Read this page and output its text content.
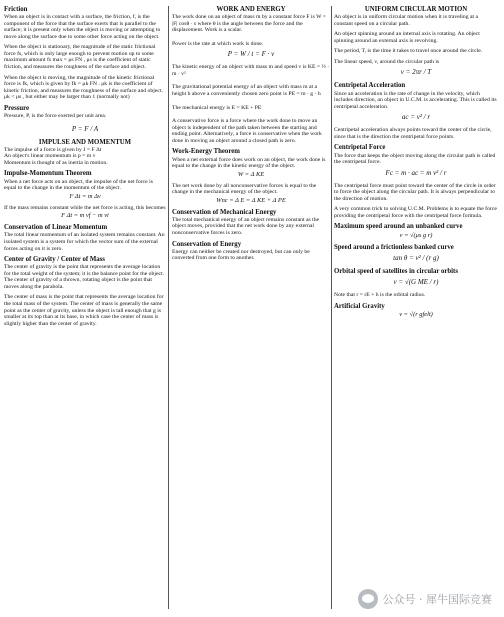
Friction

When an object is in contact with a surface, the friction, f, is the component of the force that the surface exerts that is parallel to the surface; it is present only when the object is moving or attempting to move along the surface due to some other force acting on the object.

When the object is stationary, the magnitude of the static frictional force fs, which is only large enough to prevent motion up to some maximum amount fs max = μs FN , μs is the coefficient of static friction, and measures the roughness of the surface and object.

When the object is moving, the magnitude of the kinetic frictional force is fk, which is given by fk = μk FN . μk is the coefficient of kinetic friction, and measures the roughness of the surface and object. μk < μs , but either may be larger than 1 (normally not)

Pressure

Pressure, P, is the force exerted per unit area.

P = F / A
IMPULSE AND MOMENTUM

The impulse of a force is given by J = F Δt

An object's linear momentum is p = m v

Momentum is thought of as inertia in motion.

Impulse-Momentum Theorem

When a net force acts on an object, the impulse of the net force is equal to the change in the momentum of the object.

F Δt = m Δv

If the mass remains constant while the net force is acting, this becomes

F Δt = m vf − m vi
Conservation of Linear Momentum

The total linear momentum of an isolated system remains constant. An isolated system is a system for which the vector sum of the external forces acting on it is zero.

Center of Gravity / Center of Mass

The center of gravity is the point that represents the average location for the total weight of the system; it is the balance point for the object. The center of gravity of a thrown, rotating object is the point that moves along the parabola.

The center of mass is the point that represents the average location for the total mass of the system. The center of mass is generally the same point as the center of gravity, unless the object is tall enough that g is smaller at its top than at its base, in which case the center of mass is slightly higher than the center of gravity.

WORK AND ENERGY

The work done on an object of mass m by a constant force F is W = |F| cosθ · s where θ is the angle between the force and the displacement. Work is a scalar.

Power is the rate at which work is done.

P = W / t = F · v

The kinetic energy of an object with mass m and speed v is KE = ½ · m · v²

The gravitational potential energy of an object with mass m at a height h above a conveniently chosen zero point is PE = m · g · h

The mechanical energy is E = KE + PE

A conservative force is a force where the work done to move an object is independent of the path taken between the starting and ending point. Alternatively, a force is conservative when the work done in moving an object around a closed path is zero.

Work-Energy Theorem

When a net external force does work on an object, the work done is equal to the change in the kinetic energy of the object.

W = Δ KE

The net work done by all nonconservative forces is equal to the change in the mechanical energy of the object.

Wnc = Δ E = Δ KE + Δ PE
Conservation of Mechanical Energy

The total mechanical energy of an object remains constant as the object moves, provided that the net work done by any external nonconservative forces is zero.

Conservation of Energy

Energy can neither be created nor destroyed, but can only be converted from one form to another.

UNIFORM CIRCULAR MOTION

An object is in uniform circular motion when it is traveling at a constant speed on a circular path.

An object spinning around an internal axis is rotating. An object spinning around an external axis is revolving.

The period, T, is the time it takes to travel once around the circle.

The linear speed, v, around the circular path is

v = 2πr / T
Centripetal Acceleration

Since an acceleration is the rate of change in the velocity, which includes direction, an object in U.C.M. is accelerating. This is called its centripetal acceleration.

ac = v² / r

Centripetal acceleration always points toward the center of the circle, since that is the direction the centripetal force points.

Centripetal Force

The force that keeps the object moving along the circular path is called the centripetal force.

Fc = m · ac = m v² / r

The centripetal force must point toward the center of the circle in order to force the object along the circular path. It is always perpendicular to the direction of motion.

A very common trick to solving U.C.M. Problems is to equate the force providing the centripetal force with the centripetal force formula.

Maximum speed around an unbanked curve
v = √(μs g r)
Speed around a frictionless banked curve
tan θ = v² / (r g)
Orbital speed of satellites in circular orbits
v = √(G ME / r)

Note that r = rE + h is the orbital radius.

Artificial Gravity
v = √(r gfelt)
公众号 · 犀牛国际竞赛
